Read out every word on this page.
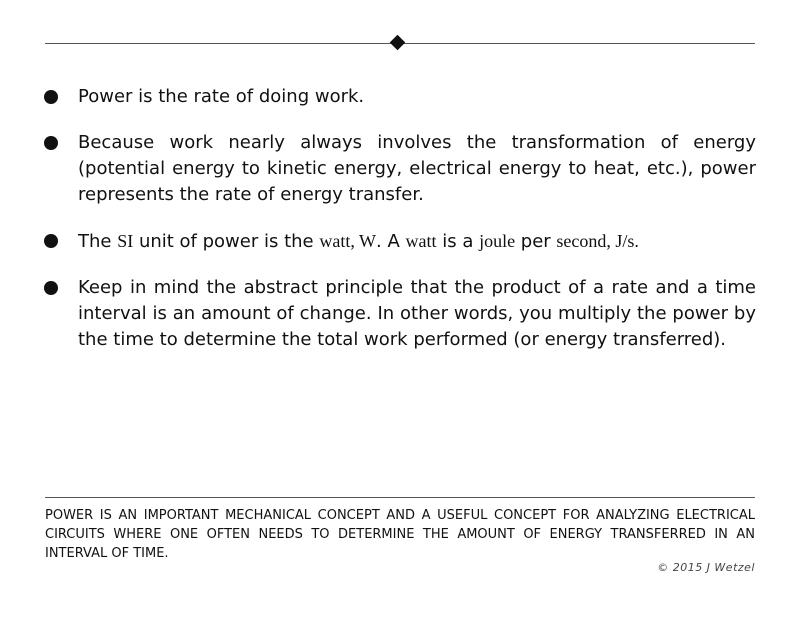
Power is the rate of doing work.
Because work nearly always involves the transformation of energy (potential energy to kinetic energy, electrical energy to heat, etc.), power represents the rate of energy transfer.
The SI unit of power is the watt, W. A watt is a joule per second, J/s.
Keep in mind the abstract principle that the product of a rate and a time interval is an amount of change. In other words, you multiply the power by the time to determine the total work performed (or energy transferred).

POWER IS AN IMPORTANT MECHANICAL CONCEPT AND A USEFUL CONCEPT FOR ANALYZING ELECTRICAL CIRCUITS WHERE ONE OFTEN NEEDS TO DETERMINE THE AMOUNT OF ENERGY TRANSFERRED IN AN INTERVAL OF TIME.

© 2015 J Wetzel
